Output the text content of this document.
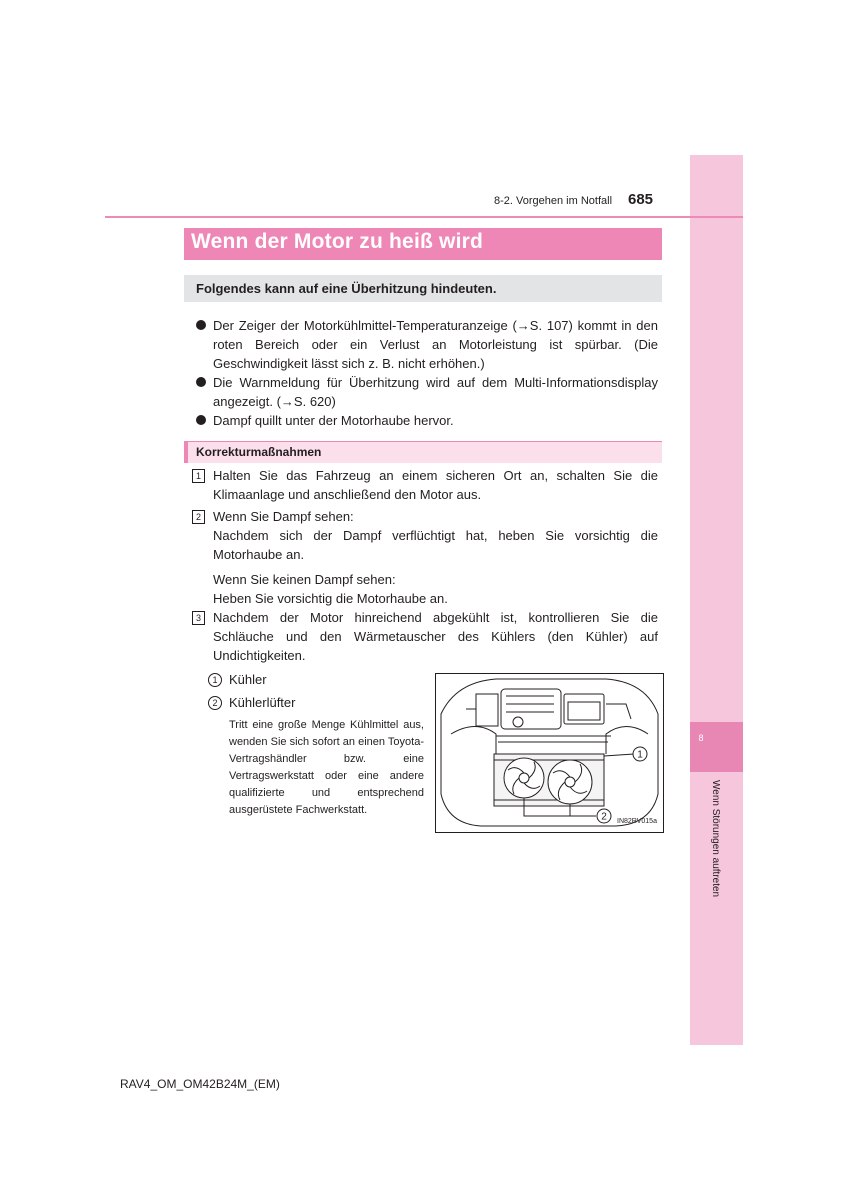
8
Wenn Störungen auftreten
8-2. Vorgehen im Notfall 685
Wenn der Motor zu heiß wird
Folgendes kann auf eine Überhitzung hindeuten.
Der Zeiger der Motorkühlmittel-Temperaturanzeige (→S. 107) kommt in den roten Bereich oder ein Verlust an Motorleistung ist spürbar. (Die Geschwindigkeit lässt sich z. B. nicht erhöhen.)
Die Warnmeldung für Überhitzung wird auf dem Multi-Informationsdisplay angezeigt. (→S. 620)
Dampf quillt unter der Motorhaube hervor.
Korrekturmaßnahmen
1 Halten Sie das Fahrzeug an einem sicheren Ort an, schalten Sie die Klimaanlage und anschließend den Motor aus.
2 Wenn Sie Dampf sehen:
Nachdem sich der Dampf verflüchtigt hat, heben Sie vorsichtig die Motorhaube an.
Wenn Sie keinen Dampf sehen:
Heben Sie vorsichtig die Motorhaube an.
3 Nachdem der Motor hinreichend abgekühlt ist, kontrollieren Sie die Schläuche und den Wärmetauscher des Kühlers (den Kühler) auf Undichtigkeiten.
1 Kühler
2 Kühlerlüfter
Tritt eine große Menge Kühlmittel aus, wenden Sie sich sofort an einen Toyota-Vertragshändler bzw. eine Vertragswerkstatt oder eine andere qualifizierte und entsprechend ausgerüstete Fachwerkstatt.
1
2 IN82RV015a
RAV4_OM_OM42B24M_(EM)
